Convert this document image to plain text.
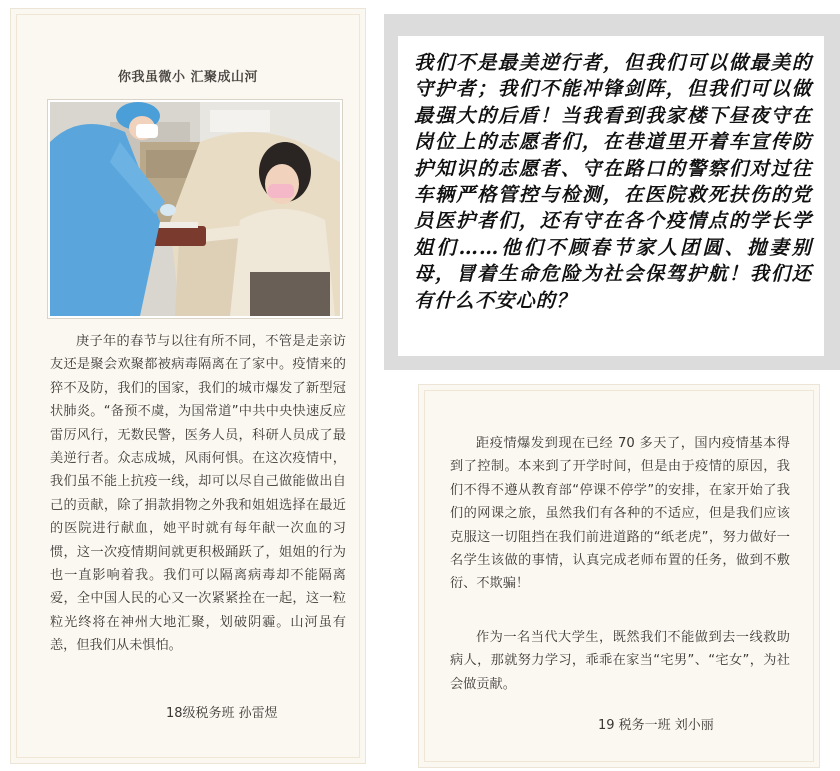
你我虽微小 汇聚成山河

庚子年的春节与以往有所不同，不管是走亲访友还是聚会欢聚都被病毒隔离在了家中。疫情来的猝不及防，我们的国家，我们的城市爆发了新型冠状肺炎。“备预不虞，为国常道”中共中央快速反应雷厉风行，无数民警，医务人员，科研人员成了最美逆行者。众志成城，风雨何惧。在这次疫情中，我们虽不能上抗疫一线，却可以尽自己做能做出自己的贡献，除了捐款捐物之外我和姐姐选择在最近的医院进行献血，她平时就有每年献一次血的习惯，这一次疫情期间就更积极踊跃了，姐姐的行为也一直影响着我。我们可以隔离病毒却不能隔离爱，全中国人民的心又一次紧紧拴在一起，这一粒粒光终将在神州大地汇聚，划破阴霾。山河虽有恙，但我们从未惧怕。

18级税务班 孙雷煜

我们不是最美逆行者，但我们可以做最美的守护者；我们不能冲锋剑阵，但我们可以做最强大的后盾！当我看到我家楼下昼夜守在岗位上的志愿者们，在巷道里开着车宣传防护知识的志愿者、守在路口的警察们对过往车辆严格管控与检测，在医院救死扶伤的党员医护者们，还有守在各个疫情点的学长学姐们……他们不顾春节家人团圆、抛妻别母，冒着生命危险为社会保驾护航！我们还有什么不安心的？

距疫情爆发到现在已经 70 多天了，国内疫情基本得到了控制。本来到了开学时间，但是由于疫情的原因，我们不得不遵从教育部“停课不停学”的安排，在家开始了我们的网课之旅，虽然我们有各种的不适应，但是我们应该克服这一切阻挡在我们前进道路的“纸老虎”，努力做好一名学生该做的事情，认真完成老师布置的任务，做到不敷衍、不欺骗！

作为一名当代大学生，既然我们不能做到去一线救助病人，那就努力学习，乖乖在家当“宅男”、“宅女”，为社会做贡献。

19 税务一班 刘小丽
